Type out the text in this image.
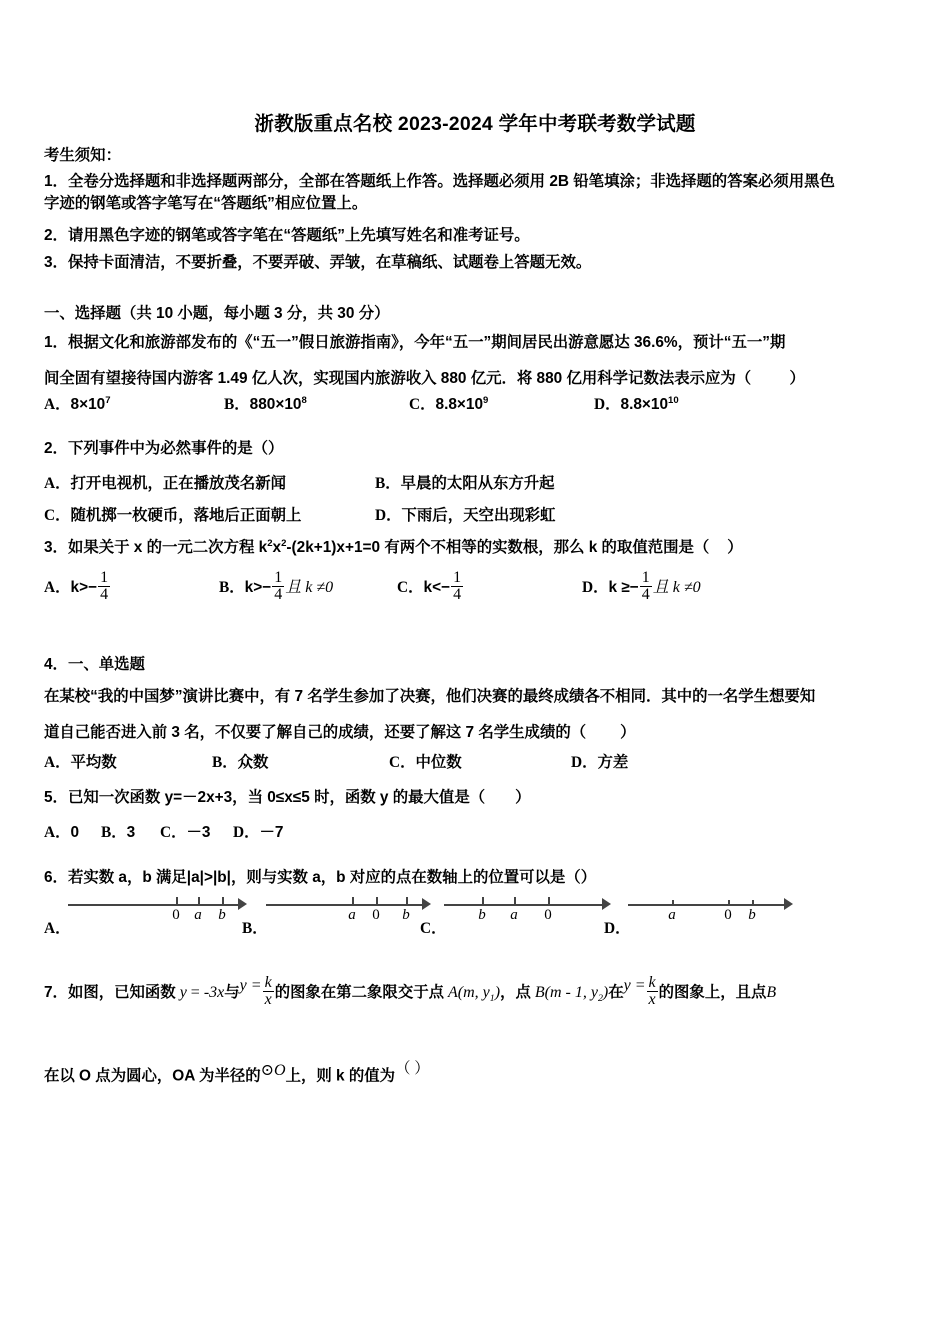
浙教版重点名校 2023-2024 学年中考联考数学试题
考生须知：
1．全卷分选择题和非选择题两部分，全部在答题纸上作答。选择题必须用 2B 铅笔填涂；非选择题的答案必须用黑色
字迹的钢笔或答字笔写在“答题纸”相应位置上。
2．请用黑色字迹的钢笔或答字笔在“答题纸”上先填写姓名和准考证号。
3．保持卡面清洁，不要折叠，不要弄破、弄皱，在草稿纸、试题卷上答题无效。
一、选择题（共 10 小题，每小题 3 分，共 30 分）
1．根据文化和旅游部发布的《“五一”假日旅游指南》，今年“五一”期间居民出游意愿达 36.6%，预计“五一”期
间全固有望接待国内游客 1.49 亿人次，实现国内旅游收入 880 亿元．将 880 亿用科学记数法表示应为（ ）
A．$8\times 10^7$	B．$880\times 10^8$	C．$8.8\times 10^9$	D．$8.8\times 10^{10}$
2．下列事件中为必然事件的是（）
A．打开电视机，正在播放茂名新闻	B．早晨的太阳从东方升起
C．随机掷一枚硬币，落地后正面朝上	D．下雨后，天空出现彩虹
3．如果关于 x 的一元二次方程 $k^2x^2-(2k+1)x+1=0$ 有两个不相等的实数根，那么 k 的取值范围是（ ）
A．$k>- \frac{1}{4}$	B．$k>- \frac{1}{4}$ 且 k ≠0	C．$k<- \frac{1}{4}$	D．$k \ge- \frac{1}{4}$ 且 k ≠0
4．一、单选题
在某校“我的中国梦”演讲比赛中，有 7 名学生参加了决赛，他们决赛的最终成绩各不相同．其中的一名学生想要知
道自己能否进入前 3 名，不仅要了解自己的成绩，还要了解这 7 名学生成绩的（ ）
A．平均数	B．众数	C．中位数	D．方差
5．已知一次函数 y=－2x+3，当 0≤x≤5 时，函数 y 的最大值是（ ）
A．0	B．3	C．－3	D．－7
6．若实数 a，b 满足|a|>|b|，则与实数 a，b 对应的点在数轴上的位置可以是（）
A．
0 a b
B．
a 0 b
C．
b a 0
D．
a	0 b
7．如图，已知函数 y = -3x与$y = \frac{k}{x}$ 的图象在第二象限交于点 A(m, $y_1$)，点 B(m - 1, $y_2$)在$y = \frac{k}{x}$ 的图象上，且点B
在以 O 点为圆心，OA 为半径的⊙O上，则 k 的值为（ ）
